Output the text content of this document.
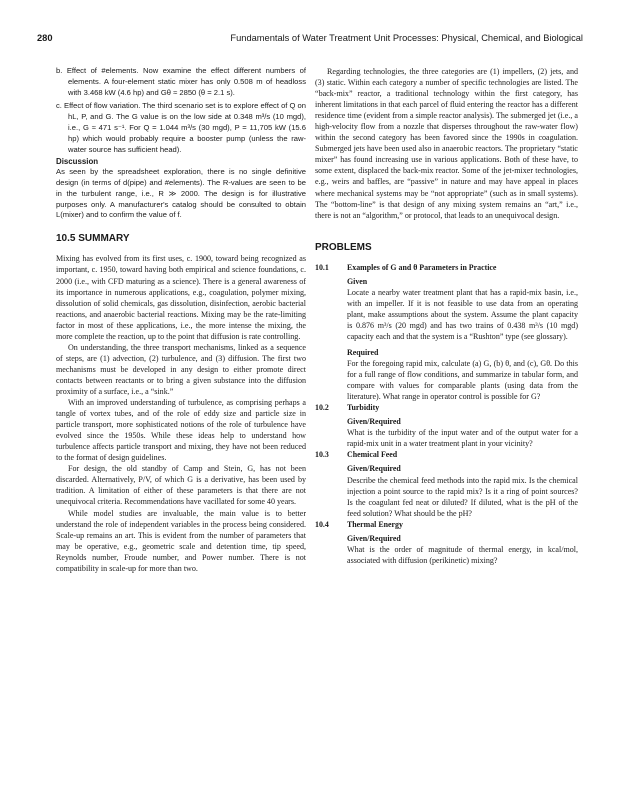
280	Fundamentals of Water Treatment Unit Processes: Physical, Chemical, and Biological

b. Effect of #elements. Now examine the effect different numbers of elements. A four-element static mixer has only 0.508 m of headloss with 3.468 kW (4.6 hp) and Gθ ≈ 2850 (θ = 2.1 s).

c. Effect of flow variation. The third scenario set is to explore effect of Q on hL, P, and G. The G value is on the low side at 0.348 m³/s (10 mgd), i.e., G ≈ 471 s⁻¹. For Q = 1.044 m³/s (30 mgd), P = 11,705 kW (15.6 hp) which would probably require a booster pump (unless the raw-water source has sufficient head).

Discussion

As seen by the spreadsheet exploration, there is no single definitive design (in terms of d(pipe) and #elements). The R-values are seen to be in the turbulent range, i.e., R ≫ 2000. The design is for illustrative purposes only. A manufacturer's catalog should be consulted to obtain L(mixer) and to confirm the value of f.

10.5 SUMMARY

Mixing has evolved from its first uses, c. 1900, toward being recognized as important, c. 1950, toward having both empirical and science foundations, c. 2000 (i.e., with CFD maturing as a science). There is a general awareness of its importance in numerous applications, e.g., coagulation, polymer mixing, dissolution of solid chemicals, gas dissolution, disinfection, aerobic bacterial reactions, and anaerobic bacterial reactions. Mixing may be the rate-limiting factor in most of these applications, i.e., the more intense the mixing, the more complete the reaction, up to the point that diffusion is rate controlling.

On understanding, the three transport mechanisms, linked as a sequence of steps, are (1) advection, (2) turbulence, and (3) diffusion. The first two mechanisms must be developed in any design to either promote direct contacts between reactants or to bring a given substance into the diffusion proximity of a surface, i.e., a “sink.”

With an improved understanding of turbulence, as comprising perhaps a tangle of vortex tubes, and of the role of eddy size and particle size in particle transport, more sophisticated notions of the role of turbulence have evolved since the 1950s. While these ideas help to understand how turbulence affects particle transport and mixing, they have not been reduced to the format of design guidelines.

For design, the old standby of Camp and Stein, G, has not been discarded. Alternatively, P/V, of which G is a derivative, has been used by tradition. A limitation of either of these parameters is that there are not unequivocal criteria. Recommendations have vacillated for some 40 years.

While model studies are invaluable, the main value is to better understand the role of independent variables in the process being considered. Scale-up remains an art. This is evident from the number of parameters that may be operative, e.g., geometric scale and detention time, tip speed, Reynolds number, Froude number, and Power number. There is not compatibility in scale-up for more than two.

Regarding technologies, the three categories are (1) impellers, (2) jets, and (3) static. Within each category a number of specific technologies are listed. The “back-mix” reactor, a traditional technology within the first category, has inherent limitations in that each parcel of fluid entering the reactor has a different residence time (evident from a simple reactor analysis). The submerged jet (i.e., a high-velocity flow from a nozzle that disperses throughout the raw-water flow) within the second category has been favored since the 1990s in coagulation. Submerged jets have been used also in anaerobic reactors. The proprietary “static mixer” has found increasing use in various applications. Both of these have, to some extent, displaced the back-mix reactor. Some of the jet-mixer technologies, e.g., weirs and baffles, are “passive” in nature and may have appeal in places where mechanical systems may be “not appropriate” (such as in small systems). The “bottom-line” is that design of any mixing system remains an “art,” i.e., there is not an “algorithm,” or protocol, that leads to an unequivocal design.

PROBLEMS
10.1 Examples of G and θ Parameters in Practice
Given

Locate a nearby water treatment plant that has a rapid-mix basin, i.e., with an impeller. If it is not feasible to use data from an operating plant, make assumptions about the system. Assume the plant capacity is 0.876 m³/s (20 mgd) and has two trains of 0.438 m³/s (10 mgd) capacity each and that the system is a “Rushton” type (see glossary).

Required

For the foregoing rapid mix, calculate (a) G, (b) θ, and (c), Gθ. Do this for a full range of flow conditions, and summarize in tabular form, and compare with values for comparable plants (using data from the literature). What range in operator control is possible for G?

10.2 Turbidity
Given/Required

What is the turbidity of the input water and of the output water for a rapid-mix unit in a water treatment plant in your vicinity?

10.3 Chemical Feed
Given/Required

Describe the chemical feed methods into the rapid mix. Is the chemical injection a point source to the rapid mix? Is it a ring of point sources? Is the coagulant fed neat or diluted? If diluted, what is the pH of the feed solution? What should be the pH?

10.4 Thermal Energy
Given/Required

What is the order of magnitude of thermal energy, in kcal/mol, associated with diffusion (perikinetic) mixing?
